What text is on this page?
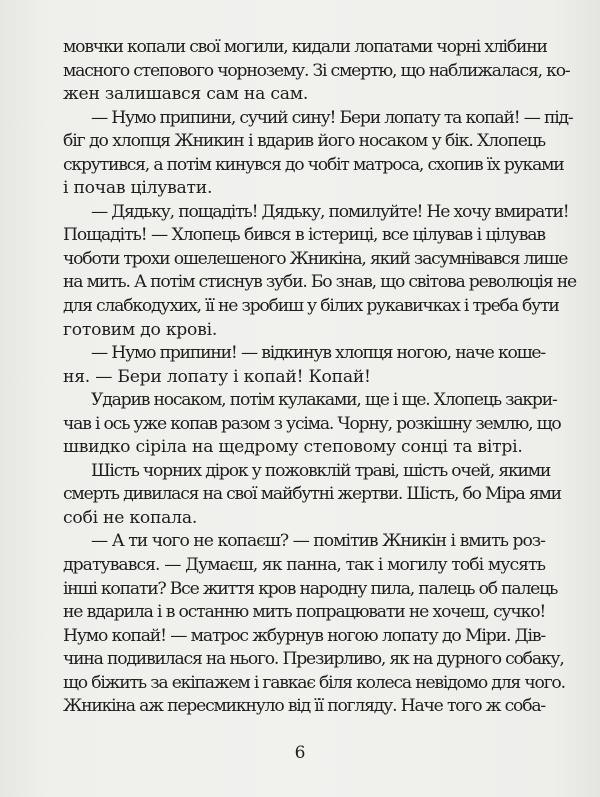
мовчки копали свої могили, кидали лопатами чорні хлібини
масного степового чорнозему. Зі смертю, що наближалася, ко-
жен залишався сам на сам.
— Нумо припини, сучий сину! Бери лопату та копай! — під-
біг до хлопця Жникин і вдарив його носаком у бік. Хлопець
скрутився, а потім кинувся до чобіт матроса, схопив їх руками
і почав цілувати.
— Дядьку, пощадіть! Дядьку, помилуйте! Не хочу вмирати!
Пощадіть! — Хлопець бився в істериці, все цілував і цілував
чоботи трохи ошелешеного Жникіна, який засумнівався лише
на мить. А потім стиснув зуби. Бо знав, що світова революція не
для слабкодухих, її не зробиш у білих рукавичках і треба бути
готовим до крові.
— Нумо припини! — відкинув хлопця ногою, наче коше-
ня. — Бери лопату і копай! Копай!
Ударив носаком, потім кулаками, ще і ще. Хлопець закри-
чав і ось уже копав разом з усіма. Чорну, розкішну землю, що
швидко сіріла на щедрому степовому сонці та вітрі.
Шість чорних дірок у пожовклій траві, шість очей, якими
смерть дивилася на свої майбутні жертви. Шість, бо Міра ями
собі не копала.
— А ти чого не копаєш? — помітив Жникін і вмить роз-
дратувався. — Думаєш, як панна, так і могилу тобі мусять
інші копати? Все життя кров народну пила, палець об палець
не вдарила і в останню мить попрацювати не хочеш, сучко!
Нумо копай! — матрос жбурнув ногою лопату до Міри. Дів-
чина подивилася на нього. Презирливо, як на дурного собаку,
що біжить за екіпажем і гавкає біля колеса невідомо для чого.
Жникіна аж пересмикнуло від її погляду. Наче того ж соба-
6
